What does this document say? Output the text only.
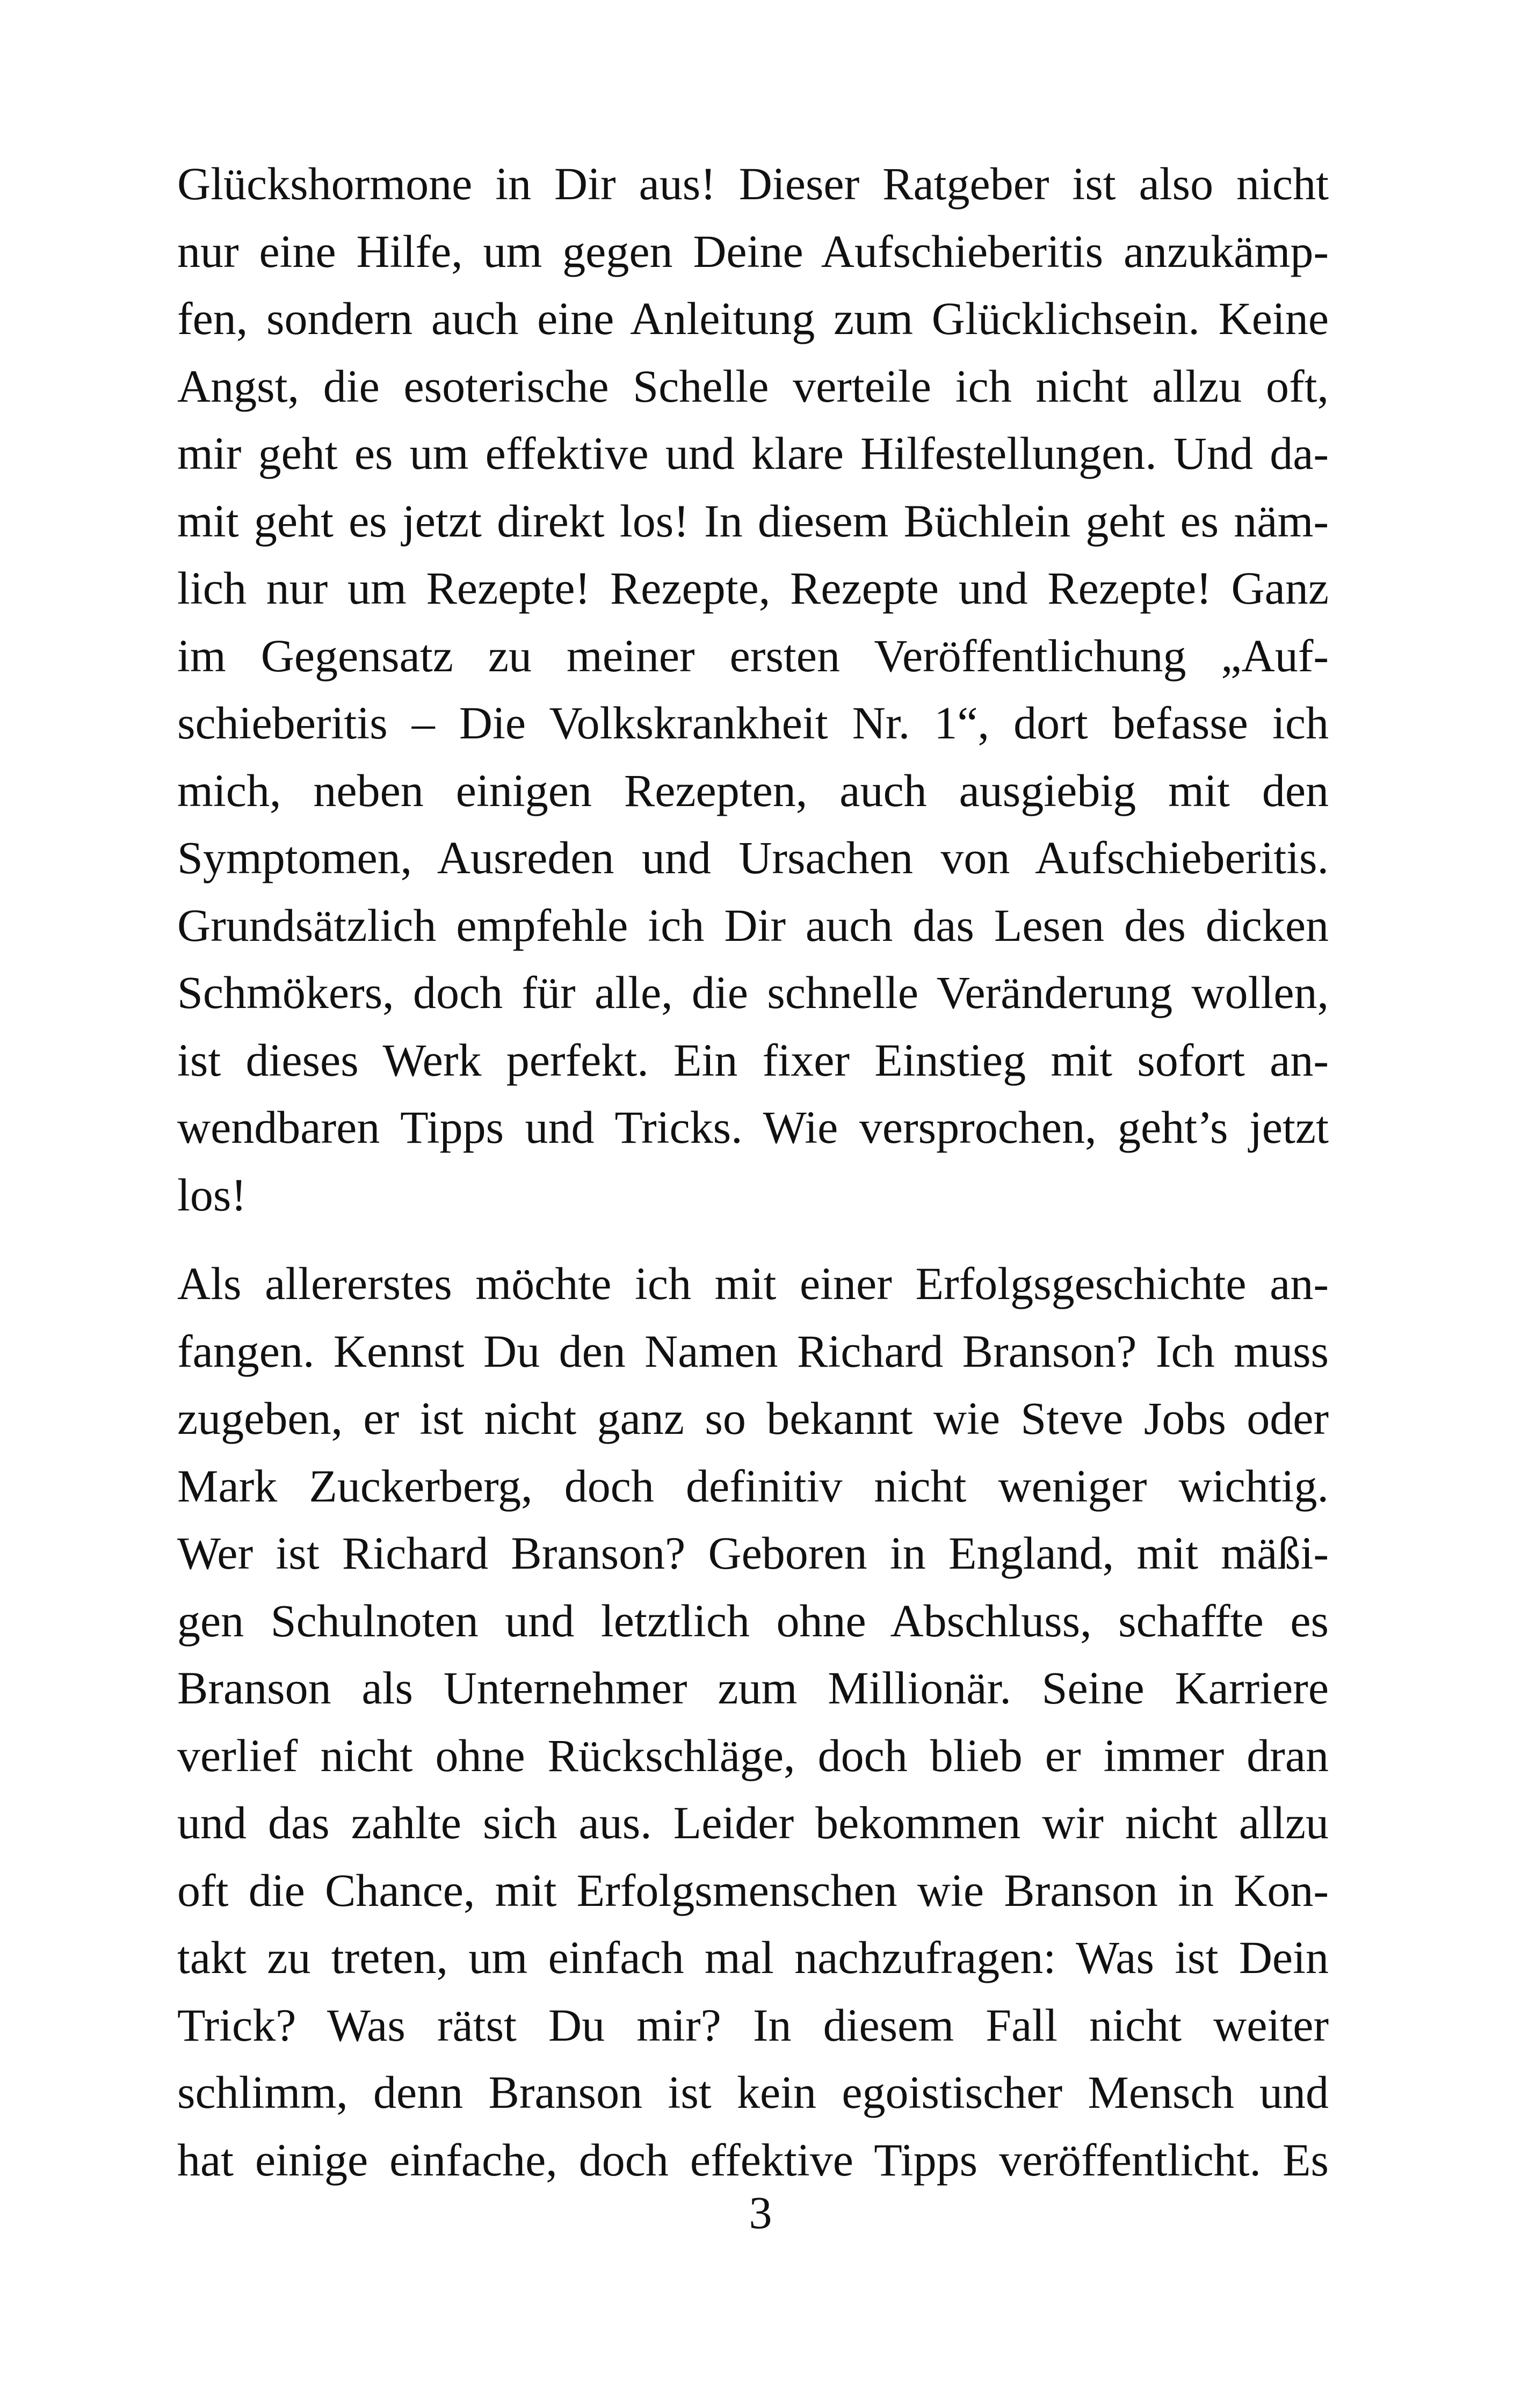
Glückshormone in Dir aus! Dieser Ratgeber ist also nicht
nur eine Hilfe, um gegen Deine Aufschieberitis anzukämp-
fen, sondern auch eine Anleitung zum Glücklichsein. Keine
Angst, die esoterische Schelle verteile ich nicht allzu oft,
mir geht es um effektive und klare Hilfestellungen. Und da-
mit geht es jetzt direkt los! In diesem Büchlein geht es näm-
lich nur um Rezepte! Rezepte, Rezepte und Rezepte! Ganz
im Gegensatz zu meiner ersten Veröffentlichung „Auf-
schieberitis – Die Volkskrankheit Nr. 1“, dort befasse ich
mich, neben einigen Rezepten, auch ausgiebig mit den
Symptomen, Ausreden und Ursachen von Aufschieberitis.
Grundsätzlich empfehle ich Dir auch das Lesen des dicken
Schmökers, doch für alle, die schnelle Veränderung wollen,
ist dieses Werk perfekt. Ein fixer Einstieg mit sofort an-
wendbaren Tipps und Tricks. Wie versprochen, geht’s jetzt
los!

Als allererstes möchte ich mit einer Erfolgsgeschichte an-
fangen. Kennst Du den Namen Richard Branson? Ich muss
zugeben, er ist nicht ganz so bekannt wie Steve Jobs oder
Mark Zuckerberg, doch definitiv nicht weniger wichtig.
Wer ist Richard Branson? Geboren in England, mit mäßi-
gen Schulnoten und letztlich ohne Abschluss, schaffte es
Branson als Unternehmer zum Millionär. Seine Karriere
verlief nicht ohne Rückschläge, doch blieb er immer dran
und das zahlte sich aus. Leider bekommen wir nicht allzu
oft die Chance, mit Erfolgsmenschen wie Branson in Kon-
takt zu treten, um einfach mal nachzufragen: Was ist Dein
Trick? Was rätst Du mir? In diesem Fall nicht weiter
schlimm, denn Branson ist kein egoistischer Mensch und
hat einige einfache, doch effektive Tipps veröffentlicht. Es

3
